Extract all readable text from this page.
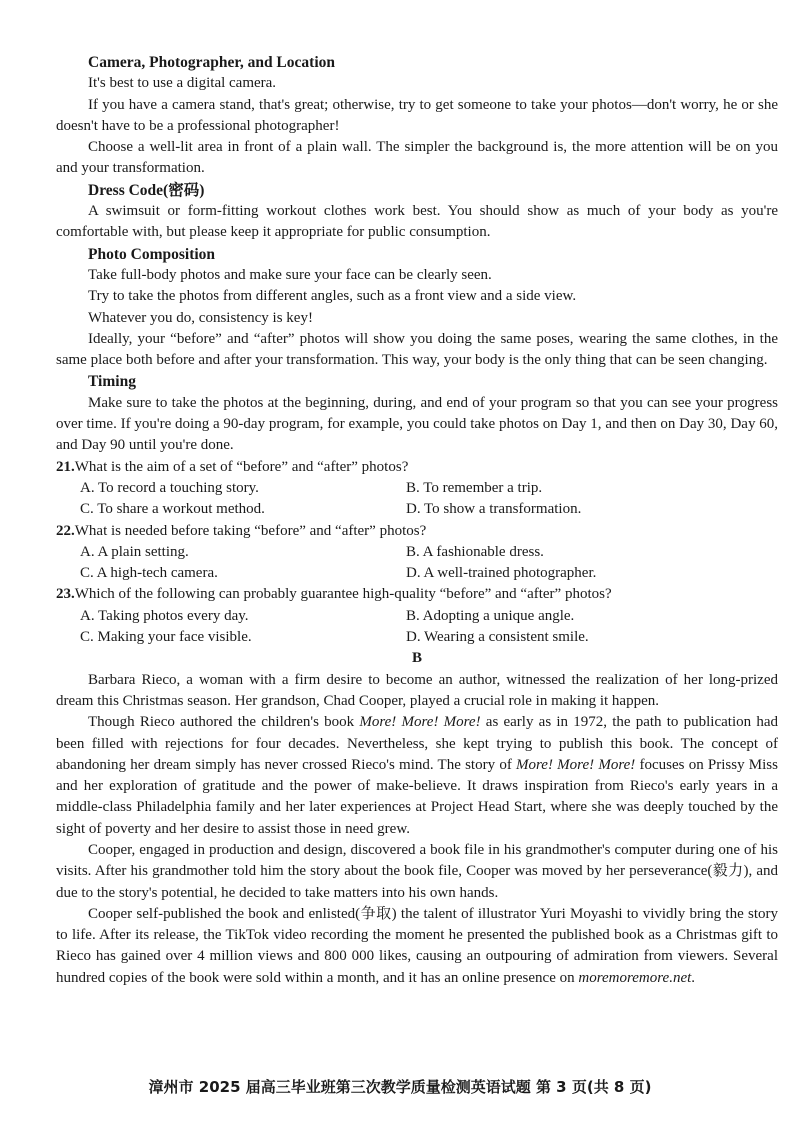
Camera, Photographer, and Location
It's best to use a digital camera.
If you have a camera stand, that's great; otherwise, try to get someone to take your photos—don't worry, he or she doesn't have to be a professional photographer!
Choose a well-lit area in front of a plain wall. The simpler the background is, the more attention will be on you and your transformation.
Dress Code(密码)
A swimsuit or form-fitting workout clothes work best. You should show as much of your body as you're comfortable with, but please keep it appropriate for public consumption.
Photo Composition
Take full-body photos and make sure your face can be clearly seen.
Try to take the photos from different angles, such as a front view and a side view.
Whatever you do, consistency is key!
Ideally, your “before” and “after” photos will show you doing the same poses, wearing the same clothes, in the same place both before and after your transformation. This way, your body is the only thing that can be seen changing.
Timing
Make sure to take the photos at the beginning, during, and end of your program so that you can see your progress over time. If you're doing a 90-day program, for example, you could take photos on Day 1, and then on Day 30, Day 60, and Day 90 until you're done.
21.What is the aim of a set of “before” and “after” photos?
A. To record a touching story.	B. To remember a trip.
C. To share a workout method.	D. To show a transformation.
22.What is needed before taking “before” and “after” photos?
A. A plain setting.	B. A fashionable dress.
C. A high-tech camera.	D. A well-trained photographer.
23.Which of the following can probably guarantee high-quality “before” and “after” photos?
A. Taking photos every day.	B. Adopting a unique angle.
C. Making your face visible.	D. Wearing a consistent smile.
B
Barbara Rieco, a woman with a firm desire to become an author, witnessed the realization of her long-prized dream this Christmas season. Her grandson, Chad Cooper, played a crucial role in making it happen.
Though Rieco authored the children's book More! More! More! as early as in 1972, the path to publication had been filled with rejections for four decades. Nevertheless, she kept trying to publish this book. The concept of abandoning her dream simply has never crossed Rieco's mind. The story of More! More! More! focuses on Prissy Miss and her exploration of gratitude and the power of make-believe. It draws inspiration from Rieco's early years in a middle-class Philadelphia family and her later experiences at Project Head Start, where she was deeply touched by the sight of poverty and her desire to assist those in need grew.
Cooper, engaged in production and design, discovered a book file in his grandmother's computer during one of his visits. After his grandmother told him the story about the book file, Cooper was moved by her perseverance(毅力), and due to the story's potential, he decided to take matters into his own hands.
Cooper self-published the book and enlisted(争取) the talent of illustrator Yuri Moyashi to vividly bring the story to life. After its release, the TikTok video recording the moment he presented the published book as a Christmas gift to Rieco has gained over 4 million views and 800 000 likes, causing an outpouring of admiration from viewers. Several hundred copies of the book were sold within a month, and it has an online presence on moremoremore.net.
漳州市 2025 届高三毕业班第三次教学质量检测英语试题 第 3 页(共 8 页)
